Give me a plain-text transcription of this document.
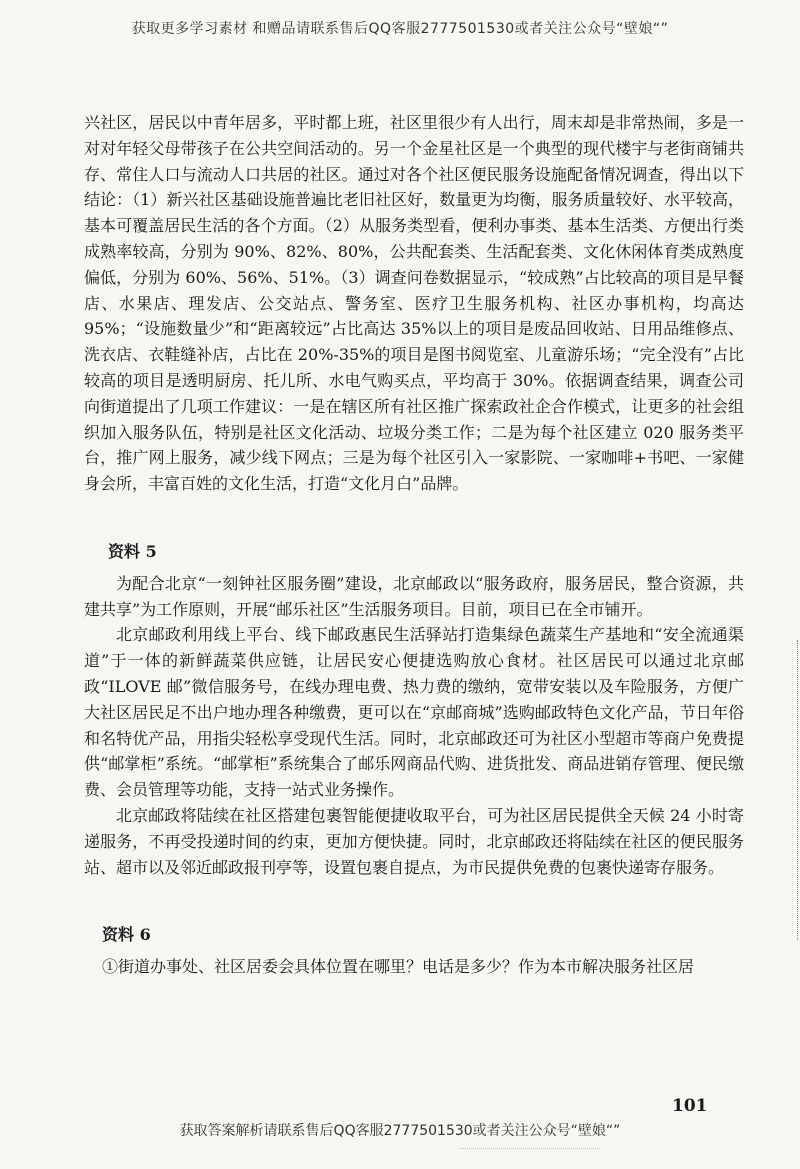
获取更多学习素材 和赠品请联系售后QQ客服2777501530或者关注公众号“壁娘“”

兴社区，居民以中青年居多，平时都上班，社区里很少有人出行，周末却是非常热闹，多是一对对年轻父母带孩子在公共空间活动的。另一个金星社区是一个典型的现代楼宇与老街商铺共存、常住人口与流动人口共居的社区。通过对各个社区便民服务设施配备情况调查，得出以下结论：（1）新兴社区基础设施普遍比老旧社区好，数量更为均衡，服务质量较好、水平较高，基本可覆盖居民生活的各个方面。（2）从服务类型看，便利办事类、基本生活类、方便出行类成熟率较高，分别为 90%、82%、80%，公共配套类、生活配套类、文化休闲体育类成熟度偏低，分别为 60%、56%、51%。（3）调查问卷数据显示，“较成熟”占比较高的项目是早餐店、水果店、理发店、公交站点、警务室、医疗卫生服务机构、社区办事机构，均高达 95%；“设施数量少”和“距离较远”占比高达 35%以上的项目是废品回收站、日用品维修点、洗衣店、衣鞋缝补店，占比在 20%-35%的项目是图书阅览室、儿童游乐场；“完全没有”占比较高的项目是透明厨房、托儿所、水电气购买点，平均高于 30%。依据调查结果，调查公司向街道提出了几项工作建议：一是在辖区所有社区推广探索政社企合作模式，让更多的社会组织加入服务队伍，特别是社区文化活动、垃圾分类工作；二是为每个社区建立 020 服务类平台，推广网上服务，减少线下网点；三是为每个社区引入一家影院、一家咖啡+书吧、一家健身会所，丰富百姓的文化生活，打造“文化月白”品牌。

资料 5

为配合北京“一刻钟社区服务圈”建设，北京邮政以“服务政府，服务居民，整合资源，共建共享”为工作原则，开展“邮乐社区”生活服务项目。目前，项目已在全市铺开。

北京邮政利用线上平台、线下邮政惠民生活驿站打造集绿色蔬菜生产基地和“安全流通渠道”于一体的新鲜蔬菜供应链，让居民安心便捷选购放心食材。社区居民可以通过北京邮政“ILOVE 邮”微信服务号，在线办理电费、热力费的缴纳，宽带安装以及车险服务，方便广大社区居民足不出户地办理各种缴费，更可以在“京邮商城”选购邮政特色文化产品，节日年俗和名特优产品，用指尖轻松享受现代生活。同时，北京邮政还可为社区小型超市等商户免费提供“邮掌柜”系统。“邮掌柜”系统集合了邮乐网商品代购、进货批发、商品进销存管理、便民缴费、会员管理等功能，支持一站式业务操作。

北京邮政将陆续在社区搭建包裹智能便捷收取平台，可为社区居民提供全天候 24 小时寄递服务，不再受投递时间的约束，更加方便快捷。同时，北京邮政还将陆续在社区的便民服务站、超市以及邻近邮政报刊亭等，设置包裹自提点，为市民提供免费的包裹快递寄存服务。

资料 6

①街道办事处、社区居委会具体位置在哪里？电话是多少？作为本市解决服务社区居

101
获取答案解析请联系售后QQ客服2777501530或者关注公众号“壁娘“”
